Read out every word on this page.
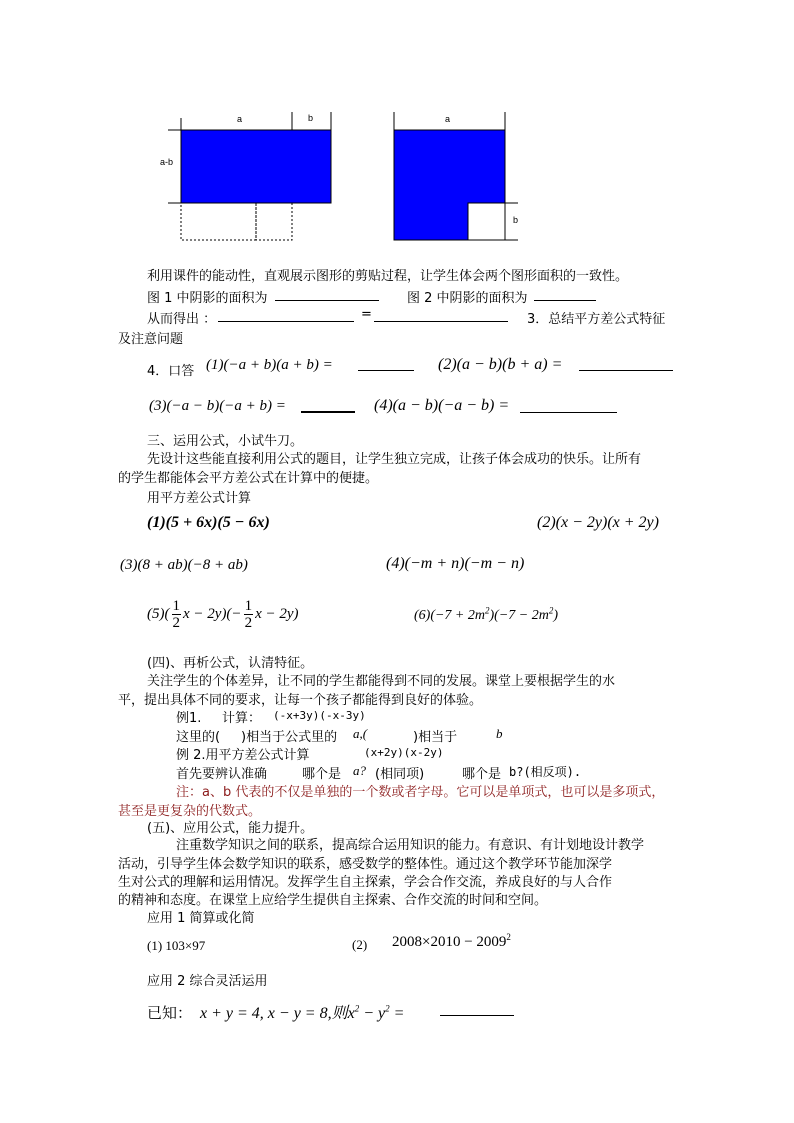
a	b
a-b
a
b
利用课件的能动性，直观展示图形的剪贴过程，让学生体会两个图形面积的一致性。
图 1 中阴影的面积为	图 2 中阴影的面积为
从而得出 ：	=	3．总结平方差公式特征
及注意问题
4．口答 (1)(−a + b)(a + b) =	(2)(a − b)(b + a) =
(3)(−a − b)(−a + b) =	(4)(a − b)(−a − b) =
三、运用公式，小试牛刀。
先设计这些能直接利用公式的题目，让学生独立完成，让孩子体会成功的快乐。让所有
的学生都能体会平方差公式在计算中的便捷。
用平方差公式计算
(1)(5 + 6x)(5 − 6x)	(2)(x − 2y)(x + 2y)
(3)(8 + ab)(−8 + ab)	(4)(−m + n)(−m − n)
$(5)( \frac{1}{2}$ $x - 2y)(- \frac{1}{2}$ x − 2y)	$(6)(-7 + 2m^2)(-7 - 2m^2)$
(四)、再析公式，认清特征。
关注学生的个体差异，让不同的学生都能得到不同的发展。课堂上要根据学生的水
平，提出具体不同的要求，让每一个孩子都能得到良好的体验。
例1. 计算： (-x+3y)(-x-3y)
这里的( )相当于公式里的 a,(	)相当于	b
例 2.用平方差公式计算	(x+2y)(x-2y)
首先要辨认准确	哪个是 a? (相同项)	哪个是 b?(相反项).
注：a、b 代表的不仅是单独的一个数或者字母。它可以是单项式，也可以是多项式，
甚至是更复杂的代数式。
(五)、应用公式，能力提升。
注重数学知识之间的联系，提高综合运用知识的能力。有意识、有计划地设计教学
活动，引导学生体会数学知识的联系，感受数学的整体性。通过这个教学环节能加深学
生对公式的理解和运用情况。发挥学生自主探索，学会合作交流，养成良好的与人合作
的精神和态度。在课堂上应给学生提供自主探索、合作交流的时间和空间。
应用 1 简算或化简
(1) 103×97	(2) $2008\times 2010 - 2009^2$
应用 2 综合灵活运用
已知： x + y = 4, x − y = 8,则$x^2 - y^2$ =
